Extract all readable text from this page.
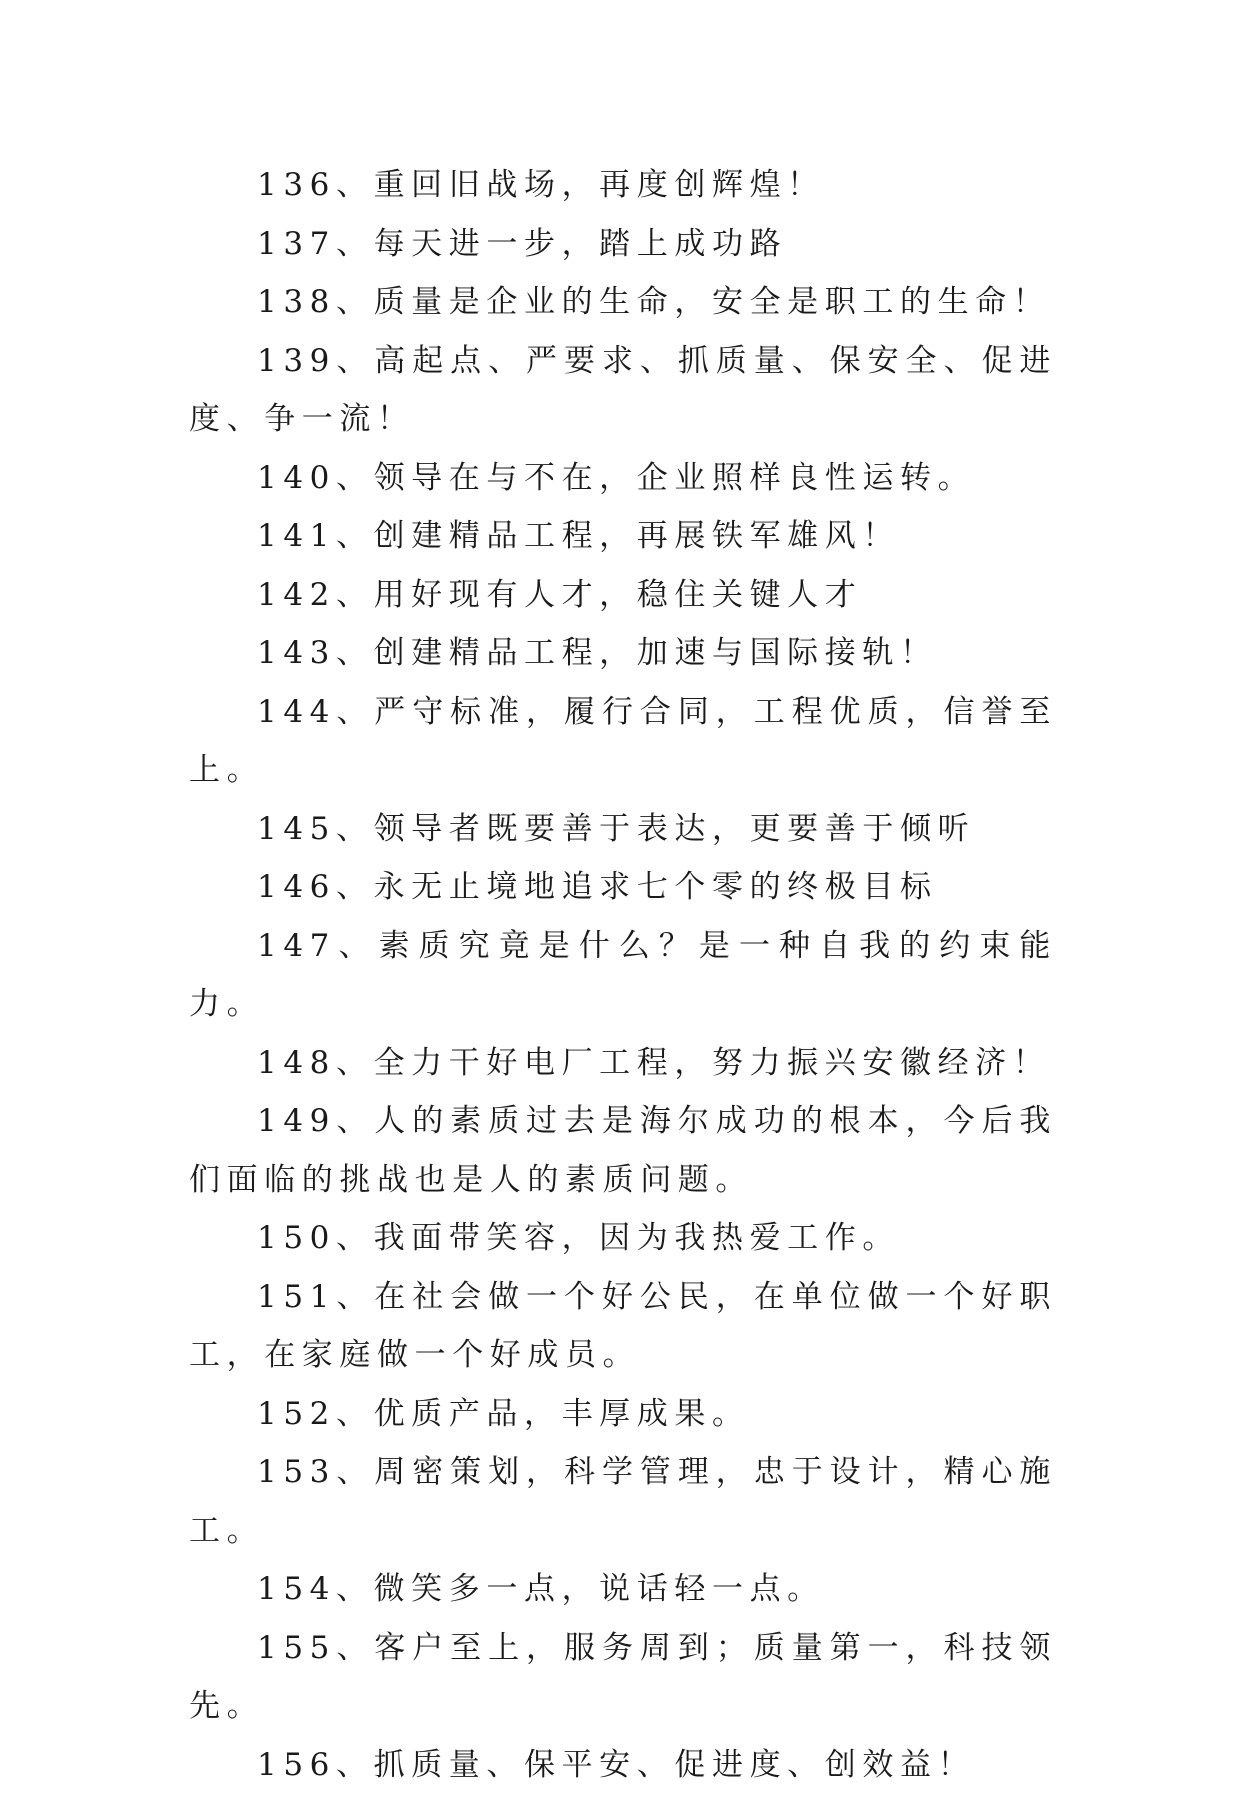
136、重回旧战场，再度创辉煌！

137、每天进一步，踏上成功路

138、质量是企业的生命，安全是职工的生命！

139、高起点、严要求、抓质量、保安全、促进度、争一流！

140、领导在与不在，企业照样良性运转。

141、创建精品工程，再展铁军雄风！

142、用好现有人才，稳住关键人才

143、创建精品工程，加速与国际接轨！

144、严守标准，履行合同，工程优质，信誉至上。

145、领导者既要善于表达，更要善于倾听

146、永无止境地追求七个零的终极目标

147、素质究竟是什么？是一种自我的约束能力。

148、全力干好电厂工程，努力振兴安徽经济！

149、人的素质过去是海尔成功的根本，今后我们面临的挑战也是人的素质问题。

150、我面带笑容，因为我热爱工作。

151、在社会做一个好公民，在单位做一个好职工，在家庭做一个好成员。

152、优质产品，丰厚成果。

153、周密策划，科学管理，忠于设计，精心施工。

154、微笑多一点，说话轻一点。

155、客户至上，服务周到；质量第一，科技领先。

156、抓质量、保平安、促进度、创效益！
